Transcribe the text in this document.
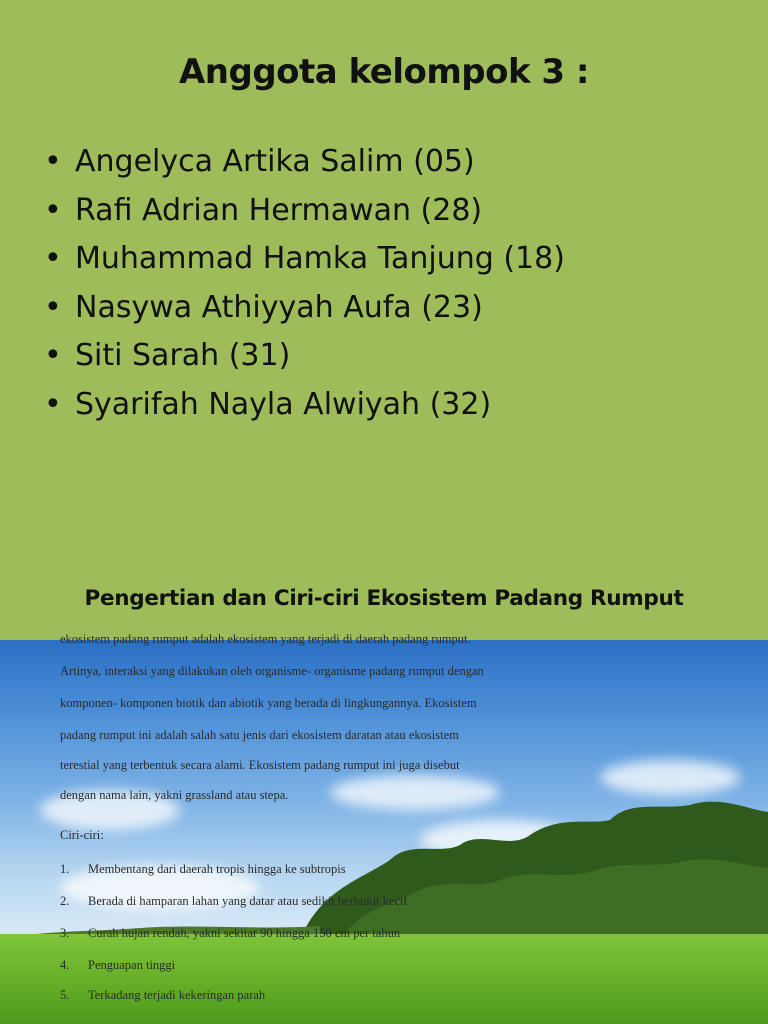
Anggota kelompok 3 :
• Angelyca Artika Salim (05)
• Rafi Adrian Hermawan (28)
• Muhammad Hamka Tanjung (18)
• Nasywa Athiyyah Aufa (23)
• Siti Sarah (31)
• Syarifah Nayla Alwiyah (32)
Pengertian dan Ciri-ciri Ekosistem Padang Rumput
ekosistem padang rumput adalah ekosistem yang terjadi di daerah padang rumput.
Artinya, interaksi yang dilakukan oleh organisme- organisme padang rumput dengan
komponen- komponen biotik dan abiotik yang berada di lingkungannya. Ekosistem
padang rumput ini adalah salah satu jenis dari ekosistem daratan atau ekosistem
terestial yang terbentuk secara alami. Ekosistem padang rumput ini juga disebut
dengan nama lain, yakni grassland atau stepa.
Ciri-ciri:
1. Membentang dari daerah tropis hingga ke subtropis
2. Berada di hamparan lahan yang datar atau sedikit berbukit kecil
3. Curah hujan rendah, yakni sekitar 90 hingga 150 cm per tahun
4. Penguapan tinggi
5. Terkadang terjadi kekeringan parah
